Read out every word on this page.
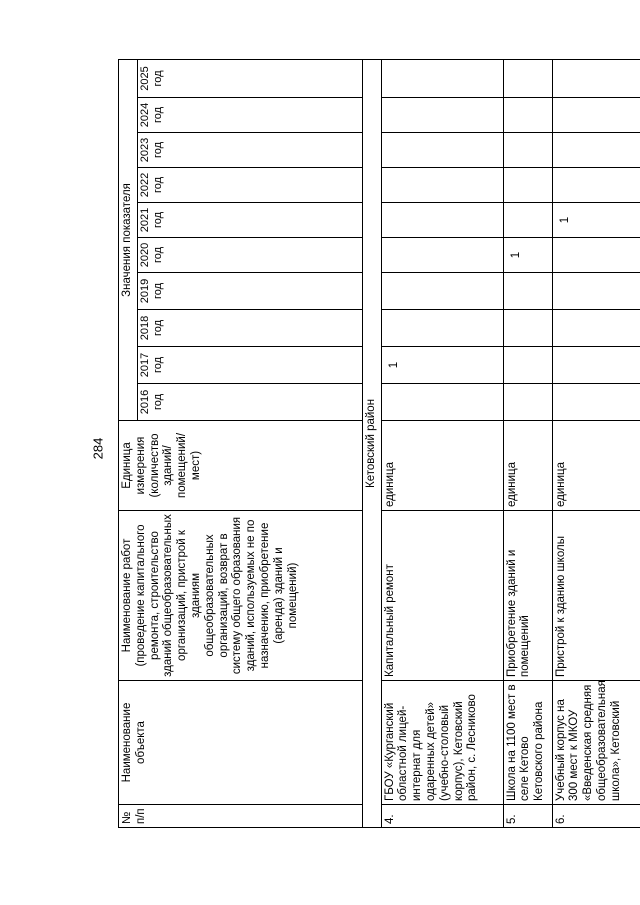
284
№ п/п	Наименование объекта	Наименование работ (проведение капитального ремонта, строительство зданий общеобразовательных организаций, пристрой к зданиям общеобразовательных организаций, возврат в систему общего образования зданий, используемых не по назначению, приобретение (аренда) зданий и помещений)	Единица измерения (количество зданий/ помещений/ мест)	Значения показателя									
				2016 год	2017 год	2018 год	2019 год	2020 год	2021 год	2022 год	2023 год	2024 год	2025 год
Кетовский район													
4.	ГБОУ «Курганский областной лицей-интернат для одаренных детей» (учебно-столовый корпус), Кетовский район, с. Лесниково	Капитальный ремонт	единица		1								
5.	Школа на 1100 мест в селе Кетово Кетовского района	Приобретение зданий и помещений	единица					1					
6.	Учебный корпус на 300 мест к МКОУ «Введенская средняя общеобразовательная школа», Кетовский	Пристрой к зданию школы	единица						1				
